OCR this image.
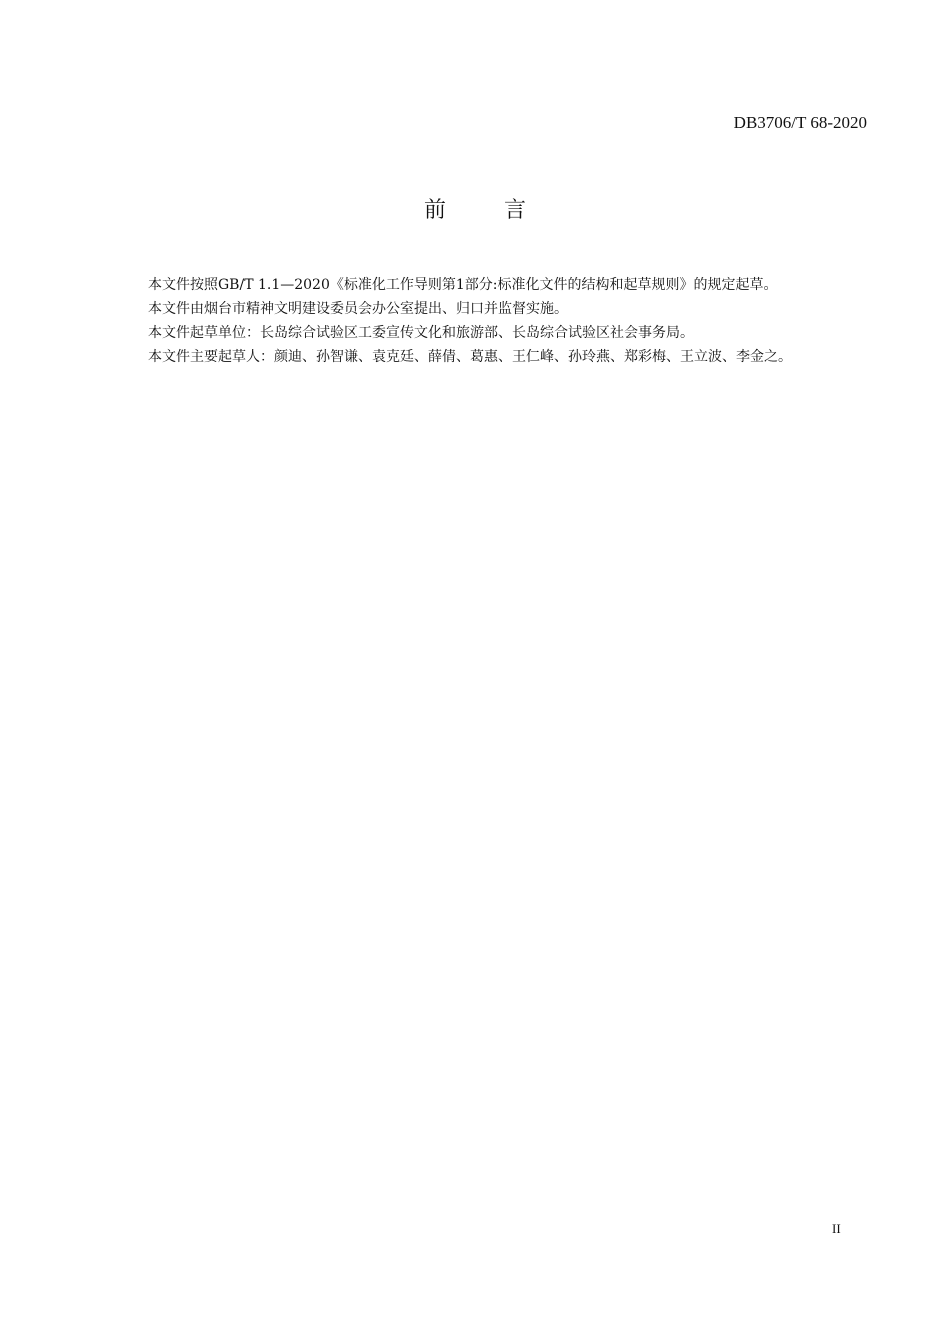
DB3706/T 68-2020
前言

本文件按照GB/T 1.1—2020《标准化工作导则第1部分:标准化文件的结构和起草规则》的规定起草。

本文件由烟台市精神文明建设委员会办公室提出、归口并监督实施。

本文件起草单位：长岛综合试验区工委宣传文化和旅游部、长岛综合试验区社会事务局。

本文件主要起草人：颜迪、孙智谦、袁克廷、薛倩、葛惠、王仁峰、孙玲燕、郑彩梅、王立波、李金之。

II
